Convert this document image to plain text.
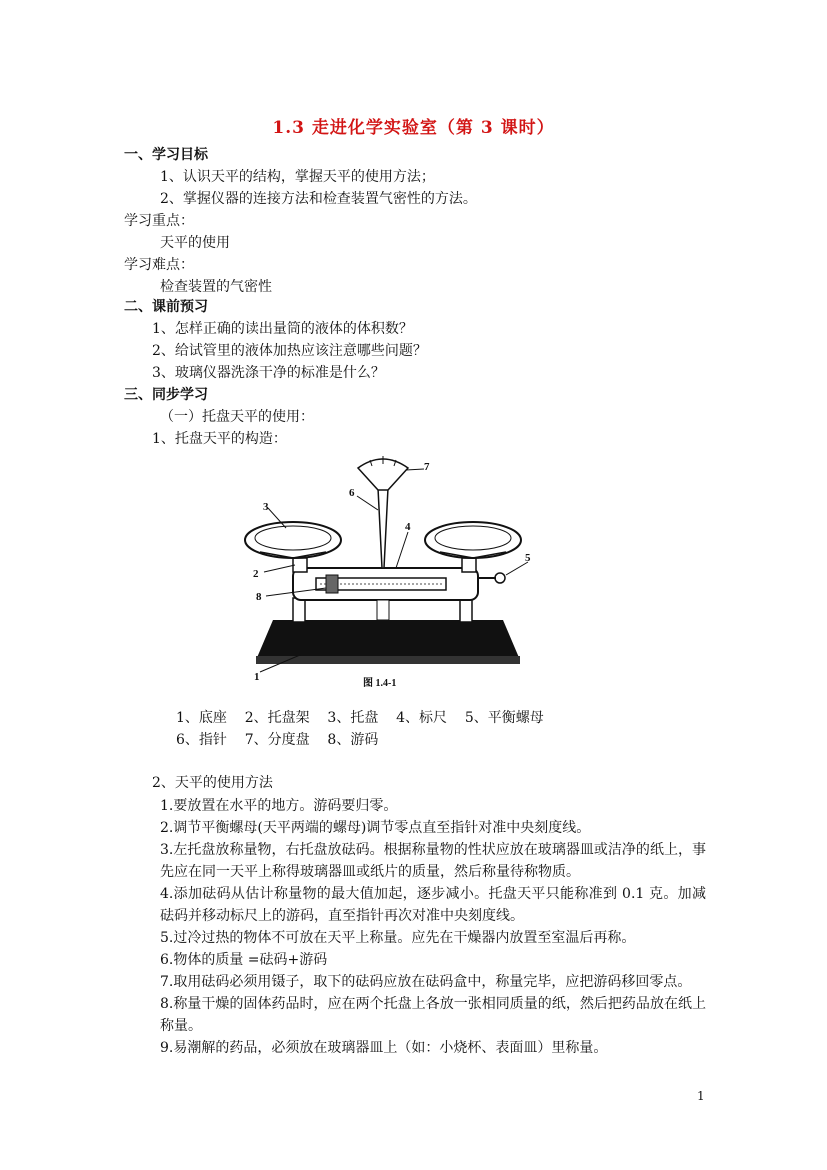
1.3 走进化学实验室（第 3 课时）
一、学习目标
1、认识天平的结构，掌握天平的使用方法；
2、掌握仪器的连接方法和检查装置气密性的方法。
学习重点：
天平的使用
学习难点：
检查装置的气密性
二、课前预习
1、怎样正确的读出量筒的液体的体积数？
2、给试管里的液体加热应该注意哪些问题？
3、玻璃仪器洗涤干净的标准是什么？
三、同步学习
（一）托盘天平的使用：
1、托盘天平的构造：
1
2
3
4
5
6
7
8
图 1.4-1
1、底座    2、托盘架    3、托盘    4、标尺    5、平衡螺母
6、指针    7、分度盘    8、游码
2、天平的使用方法
1.要放置在水平的地方。游码要归零。
2.调节平衡螺母(天平两端的螺母)调节零点直至指针对准中央刻度线。
3.左托盘放称量物，右托盘放砝码。根据称量物的性状应放在玻璃器皿或洁净的纸上，事先应在同一天平上称得玻璃器皿或纸片的质量，然后称量待称物质。
4.添加砝码从估计称量物的最大值加起，逐步减小。托盘天平只能称准到 0.1 克。加减砝码并移动标尺上的游码，直至指针再次对准中央刻度线。
5.过冷过热的物体不可放在天平上称量。应先在干燥器内放置至室温后再称。
6.物体的质量 =砝码+游码
7.取用砝码必须用镊子，取下的砝码应放在砝码盒中，称量完毕，应把游码移回零点。
8.称量干燥的固体药品时，应在两个托盘上各放一张相同质量的纸，然后把药品放在纸上称量。
9.易潮解的药品，必须放在玻璃器皿上（如：小烧杯、表面皿）里称量。
1
